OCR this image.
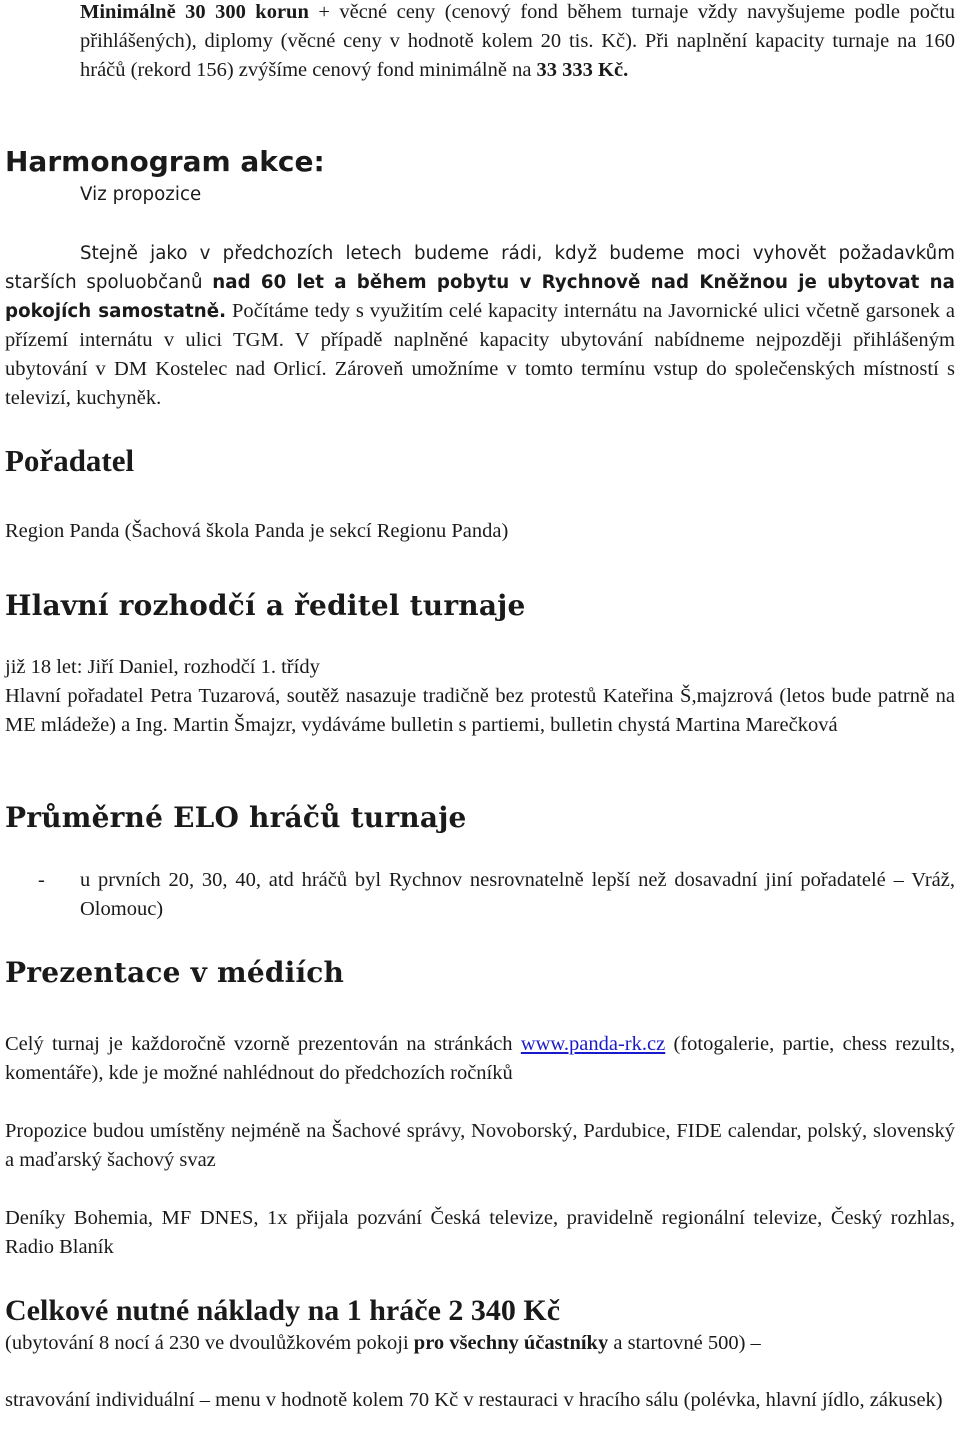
Minimálně 30 300 korun + věcné ceny (cenový fond během turnaje vždy navyšujeme podle počtu přihlášených), diplomy (věcné ceny v hodnotě kolem 20 tis. Kč). Při naplnění kapacity turnaje na 160 hráčů (rekord 156) zvýšíme cenový fond minimálně na 33 333 Kč.

Harmonogram akce:

Viz propozice

Stejně jako v předchozích letech budeme rádi, když budeme moci vyhovět požadavkům starších spoluobčanů nad 60 let a během pobytu v Rychnově nad Kněžnou je ubytovat na pokojích samostatně. Počítáme tedy s využitím celé kapacity internátu na Javornické ulici včetně garsonek a přízemí internátu v ulici TGM. V případě naplněné kapacity ubytování nabídneme nejpozději přihlášeným ubytování v DM Kostelec nad Orlicí. Zároveň umožníme v tomto termínu vstup do společenských místností s televizí, kuchyněk.

Pořadatel

Region Panda (Šachová škola Panda je sekcí Regionu Panda)

Hlavní rozhodčí a ředitel turnaje

již 18 let: Jiří Daniel, rozhodčí 1. třídy

Hlavní pořadatel Petra Tuzarová, soutěž nasazuje tradičně bez protestů Kateřina Š,majzrová (letos bude patrně na ME mládeže) a Ing. Martin Šmajzr, vydáváme bulletin s partiemi, bulletin chystá Martina Marečková

Průměrné ELO hráčů turnaje
-	u prvních 20, 30, 40, atd hráčů byl Rychnov nesrovnatelně lepší než dosavadní jiní pořadatelé – Vráž, Olomouc)
Prezentace v médiích

Celý turnaj je každoročně vzorně prezentován na stránkách www.panda-rk.cz (fotogalerie, partie, chess rezults, komentáře), kde je možné nahlédnout do předchozích ročníků

Propozice budou umístěny nejméně na Šachové správy, Novoborský, Pardubice, FIDE calendar, polský, slovenský a maďarský šachový svaz

Deníky Bohemia, MF DNES, 1x přijala pozvání Česká televize, pravidelně regionální televize, Český rozhlas, Radio Blaník

Celkové nutné náklady na 1 hráče 2 340 Kč

(ubytování 8 nocí á 230 ve dvoulůžkovém pokoji pro všechny účastníky a startovné 500) –

stravování individuální – menu v hodnotě kolem 70 Kč v restauraci v hracího sálu (polévka, hlavní jídlo, zákusek)
